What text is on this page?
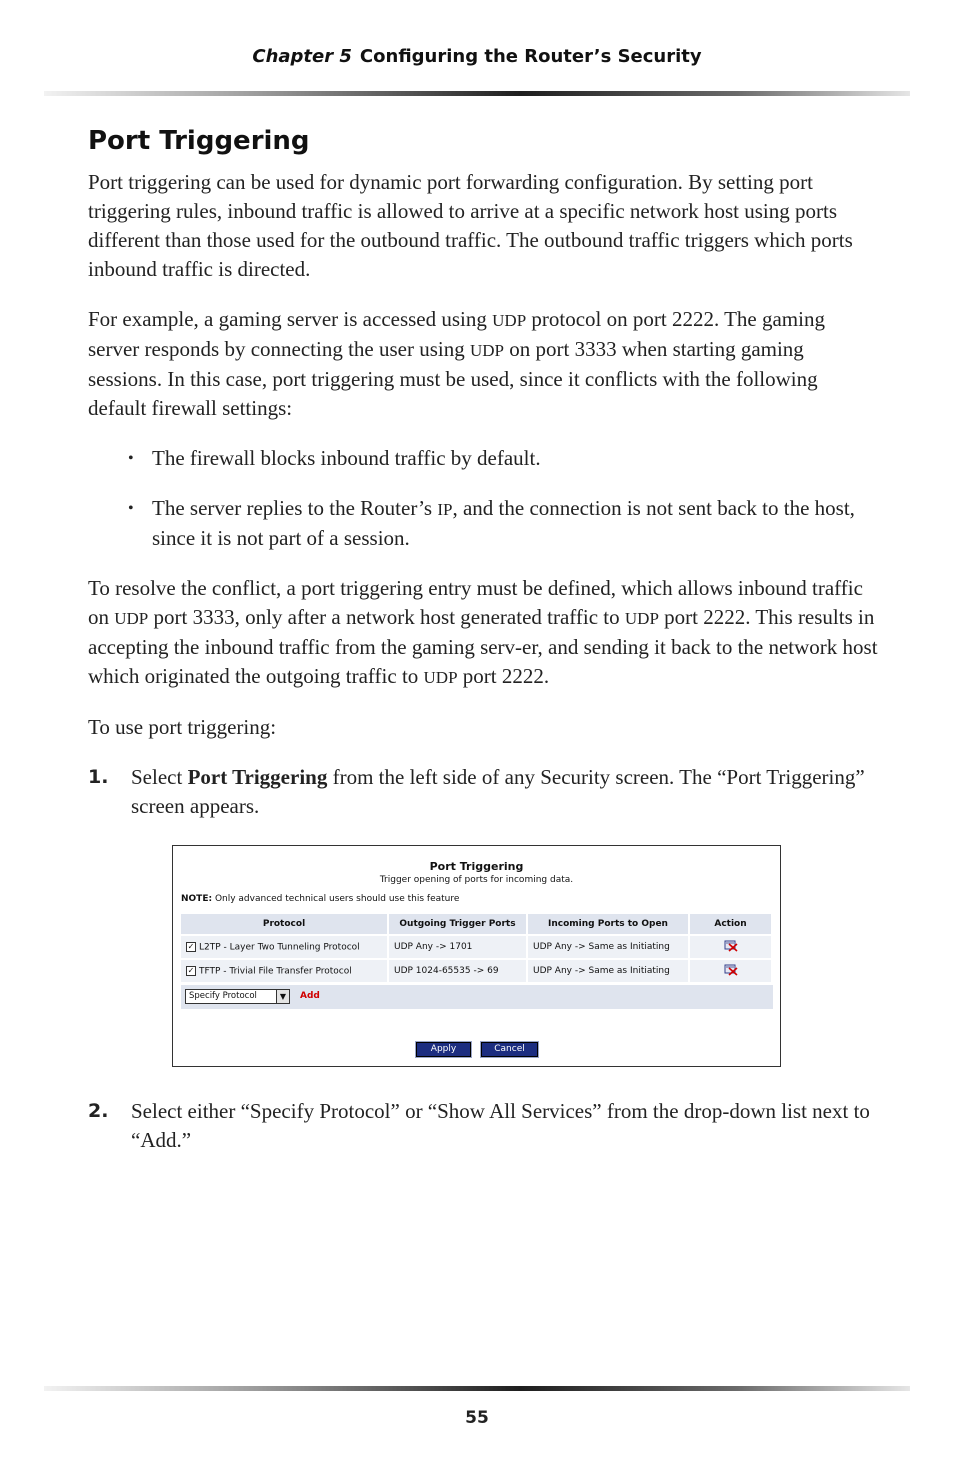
Chapter 5 Configuring the Router’s Security
Port Triggering

Port triggering can be used for dynamic port forwarding configuration. By setting port triggering rules, inbound traffic is allowed to arrive at a specific network host using ports different than those used for the outbound traffic. The outbound traffic triggers which ports inbound traffic is directed.

For example, a gaming server is accessed using UDP protocol on port 2222. The gaming server responds by connecting the user using UDP on port 3333 when starting gaming sessions. In this case, port triggering must be used, since it conflicts with the following default firewall settings:

• The firewall blocks inbound traffic by default.
• The server replies to the Router’s IP, and the connection is not sent back to the host, since it is not part of a session.

To resolve the conflict, a port triggering entry must be defined, which allows inbound traffic on UDP port 3333, only after a network host generated traffic to UDP port 2222. This results in accepting the inbound traffic from the gaming serv-er, and sending it back to the network host which originated the outgoing traffic to UDP port 2222.

To use port triggering:

1. Select Port Triggering from the left side of any Security screen. The “Port Triggering” screen appears.
Port Triggering
Trigger opening of ports for incoming data.
NOTE: Only advanced technical users should use this feature
Protocol	Outgoing Trigger Ports	Incoming Ports to Open	Action
✓ L2TP - Layer Two Tunneling Protocol	UDP Any -> 1701	UDP Any -> Same as Initiating	
✓ TFTP - Trivial File Transfer Protocol	UDP 1024-65535 -> 69	UDP Any -> Same as Initiating	
Specify Protocol	▼	Add
Apply	Cancel
2. Select either “Specify Protocol” or “Show All Services” from the drop-down list next to “Add.”
55
